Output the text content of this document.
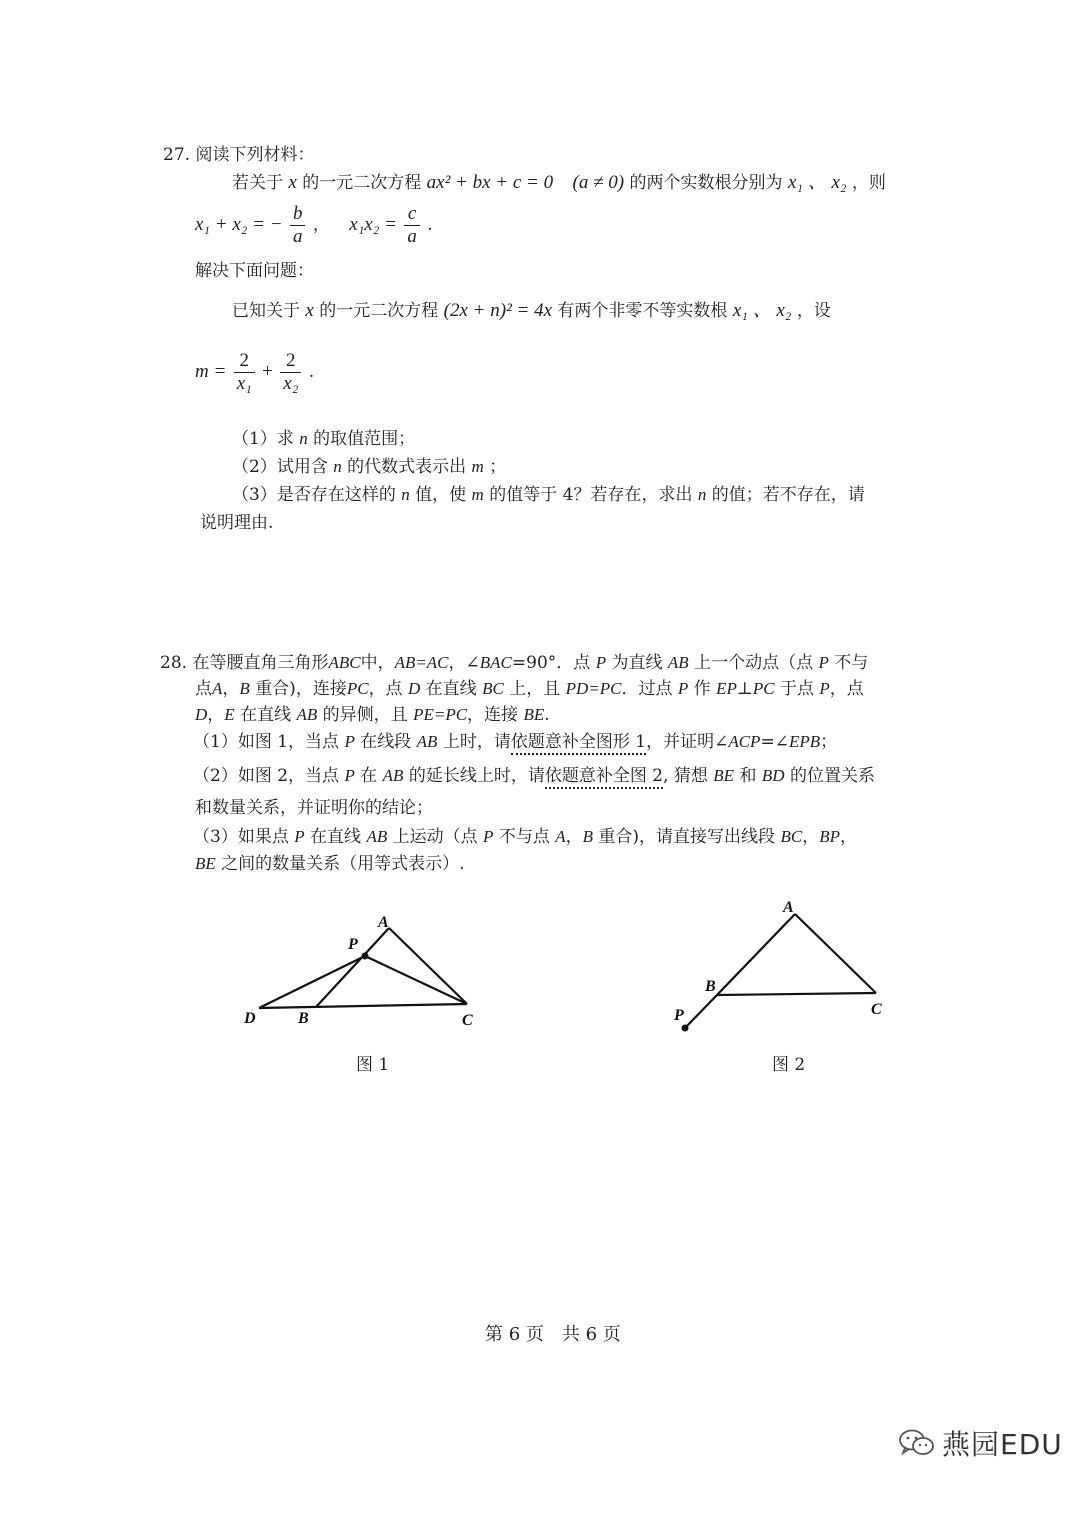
27. 阅读下列材料：
若关于 x 的一元二次方程 ax² + bx + c = 0 (a ≠ 0) 的两个实数根分别为 x₁ 、 x₂ ，则
x₁ + x₂ = − $\frac{b}{a}$ ， $x_1x_2 = \frac{c}{a}$ .
解决下面问题：
已知关于 x 的一元二次方程 (2x + n)² = 4x 有两个非零不等实数根 x₁ 、 x₂ ，设
$m = \frac{2}{\text{x₁}} + \frac{2}{\text{x₂}}$ .
（1）求 n 的取值范围；
（2）试用含 n 的代数式表示出 m ；
（3）是否存在这样的 n 值，使 m 的值等于 4？若存在，求出 n 的值；若不存在，请
说明理由.
28. 在等腰直角三角形ABC中，AB=AC，∠BAC=90°．点 P 为直线 AB 上一个动点（点 P 不与
点A，B 重合)，连接PC，点 D 在直线 BC 上，且 PD=PC．过点 P 作 EP⊥PC 于点 P，点
D，E 在直线 AB 的异侧，且 PE=PC，连接 BE.
（1）如图 1，当点 P 在线段 AB 上时，请依题意补全图形 1，并证明∠ACP=∠EPB；
（2）如图 2，当点 P 在 AB 的延长线上时，请依题意补全图 2, 猜想 BE 和 BD 的位置关系
和数量关系，并证明你的结论；
（3）如果点 P 在直线 AB 上运动（点 P 不与点 A，B 重合)，请直接写出线段 BC，BP，
BE 之间的数量关系（用等式表示）.
A
P
D	B	C
图 1
A
B
C
P
图 2
第 6 页　共 6 页
燕园EDU
